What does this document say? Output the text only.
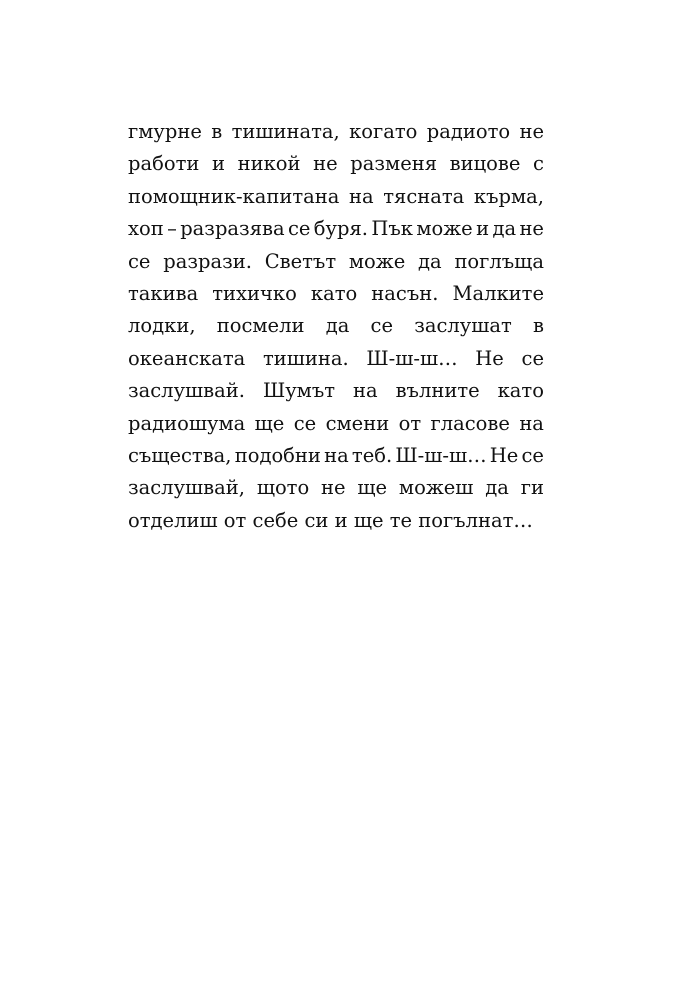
гмурне в тишината, когато радиото не
работи и никой не разменя вицове с
помощник-капитана на тясната кърма,
хоп – разразява се буря. Пък може и да не
се разрази. Светът може да поглъща
такива тихичко като насън. Малките
лодки, посмели да се заслушат в
океанската тишина. Ш-ш-ш… Не се
заслушвай. Шумът на вълните като
радиошума ще се смени от гласове на
същества, подобни на теб. Ш-ш-ш… Не се
заслушвай, щото не ще можеш да ги
отделиш
от
себе
си
и
ще
те
погълнат…
